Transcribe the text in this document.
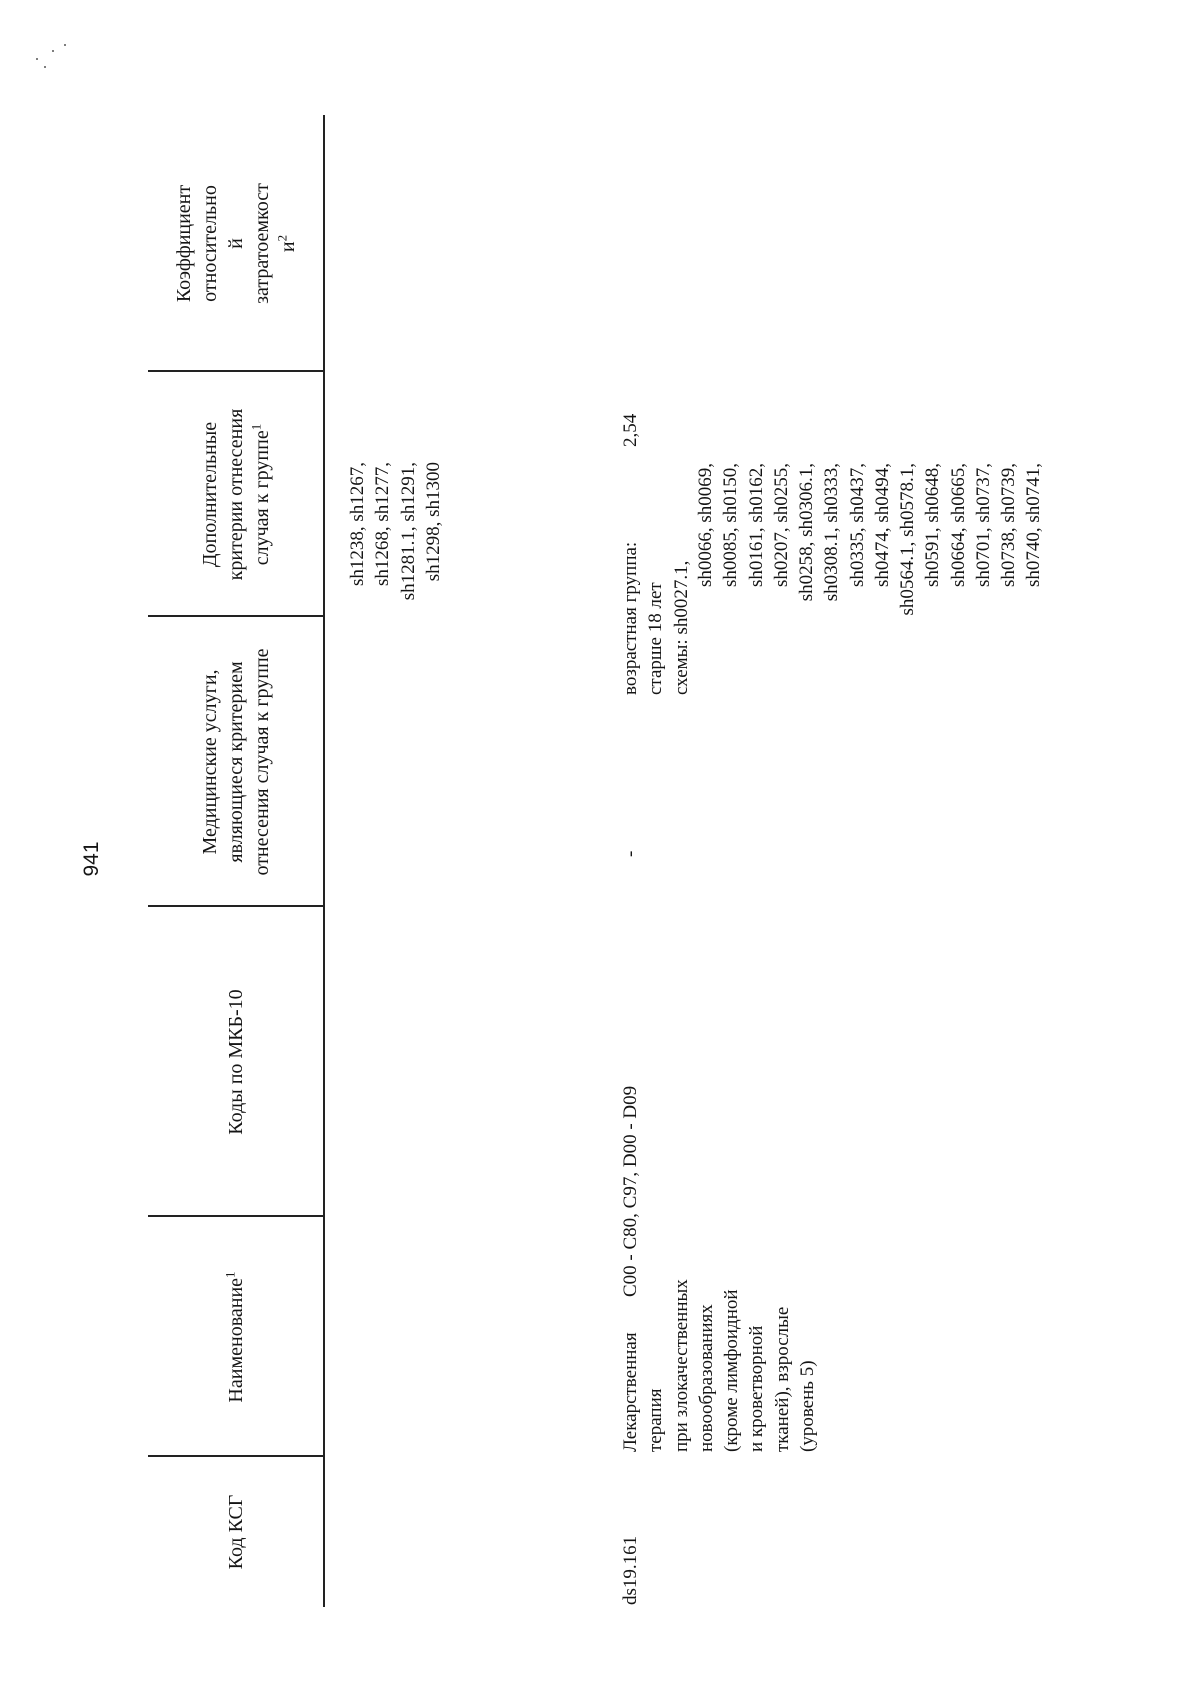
941
Код КСГ
Наименование$^1$
Коды по МКБ-10
Медицинские услуги,
являющиеся критерием
отнесения случая к группе
Дополнительные
критерии отнесения
случая к группе$^1$
Коэффициент
относительно
й
затратоемкост
$и^2$
sh1238, sh1267,
sh1268, sh1277,
sh1281.1, sh1291,
sh1298, sh1300
ds19.161
Лекарственная
терапия
при злокачественных
новообразованиях
(кроме лимфоидной
и кроветворной
тканей), взрослые
(уровень 5)
C00 - C80, C97, D00 - D09
-
возрастная группа:
старше 18 лет
схемы: sh0027.1,
sh0066, sh0069,
sh0085, sh0150,
sh0161, sh0162,
sh0207, sh0255,
sh0258, sh0306.1,
sh0308.1, sh0333,
sh0335, sh0437,
sh0474, sh0494,
sh0564.1, sh0578.1,
sh0591, sh0648,
sh0664, sh0665,
sh0701, sh0737,
sh0738, sh0739,
sh0740, sh0741,
2,54
